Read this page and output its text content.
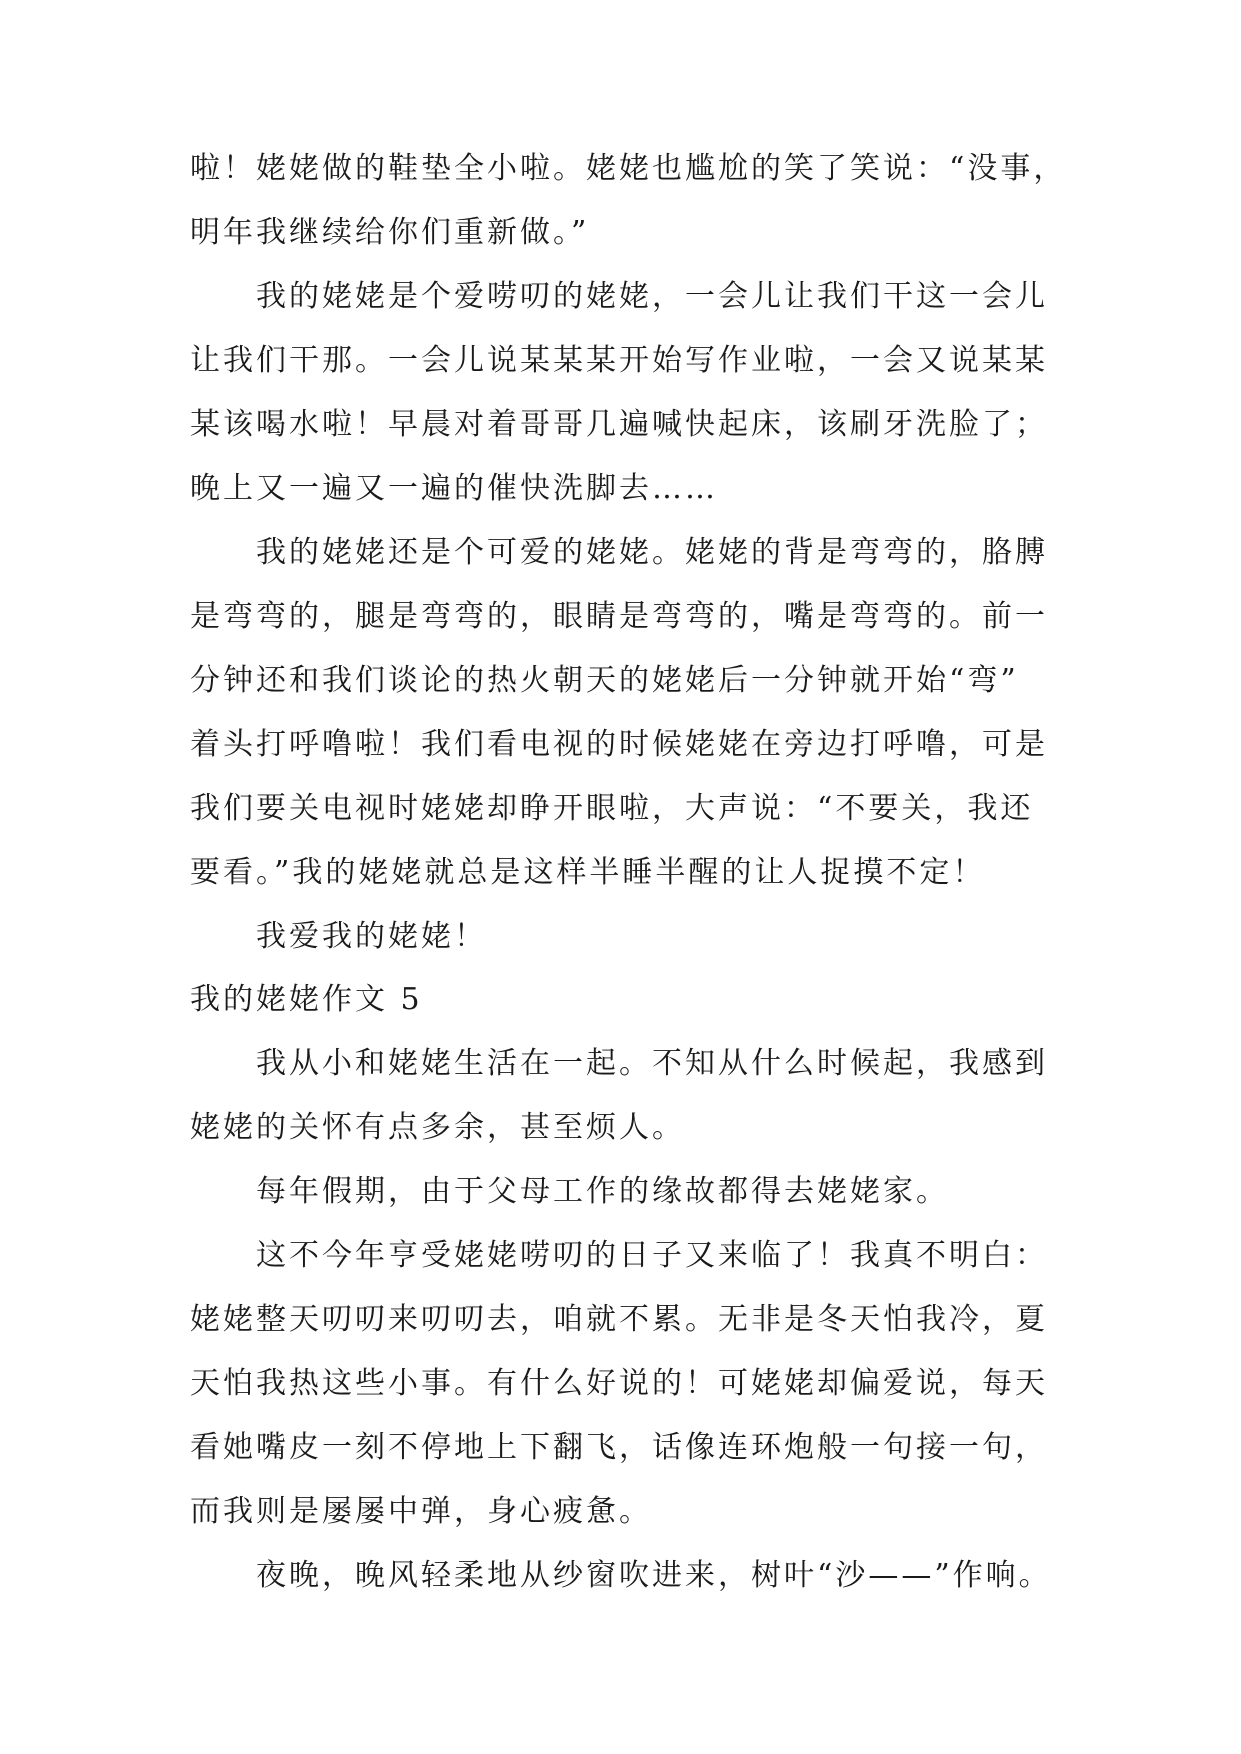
啦！姥姥做的鞋垫全小啦。姥姥也尴尬的笑了笑说：“没事，
明年我继续给你们重新做。”
我的姥姥是个爱唠叨的姥姥，一会儿让我们干这一会儿
让我们干那。一会儿说某某某开始写作业啦，一会又说某某
某该喝水啦！早晨对着哥哥几遍喊快起床，该刷牙洗脸了；
晚上又一遍又一遍的催快洗脚去……
我的姥姥还是个可爱的姥姥。姥姥的背是弯弯的，胳膊
是弯弯的，腿是弯弯的，眼睛是弯弯的，嘴是弯弯的。前一
分钟还和我们谈论的热火朝天的姥姥后一分钟就开始“弯”
着头打呼噜啦！我们看电视的时候姥姥在旁边打呼噜，可是
我们要关电视时姥姥却睁开眼啦，大声说：“不要关，我还
要看。”我的姥姥就总是这样半睡半醒的让人捉摸不定！
我爱我的姥姥！
我的姥姥作文 5
我从小和姥姥生活在一起。不知从什么时候起，我感到
姥姥的关怀有点多余，甚至烦人。
每年假期，由于父母工作的缘故都得去姥姥家。
这不今年亨受姥姥唠叨的日子又来临了！我真不明白：
姥姥整天叨叨来叨叨去，咱就不累。无非是冬天怕我冷，夏
天怕我热这些小事。有什么好说的！可姥姥却偏爱说，每天
看她嘴皮一刻不停地上下翻飞，话像连环炮般一句接一句，
而我则是屡屡中弹，身心疲惫。
夜晚，晚风轻柔地从纱窗吹进来，树叶“沙——”作响。
